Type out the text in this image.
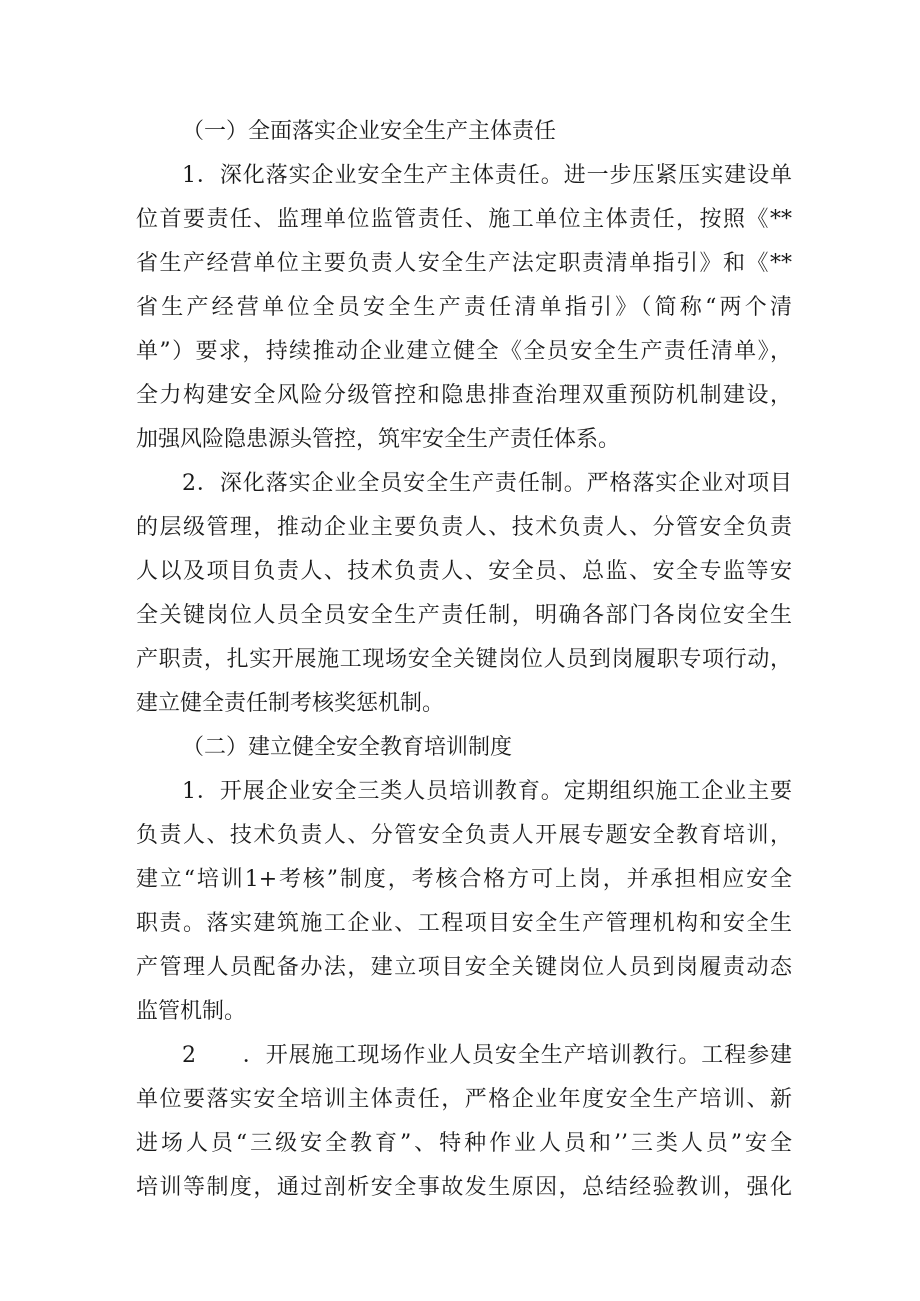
（一）全面落实企业安全生产主体责任
1．深化落实企业安全生产主体责任。进一步压紧压实建设单
位首要责任、监理单位监管责任、施工单位主体责任，按照《**
省生产经营单位主要负责人安全生产法定职责清单指引》和《**
省生产经营单位全员安全生产责任清单指引》（简称“两个清
单”）要求，持续推动企业建立健全《全员安全生产责任清单》，
全力构建安全风险分级管控和隐患排查治理双重预防机制建设，
加强风险隐患源头管控，筑牢安全生产责任体系。
2．深化落实企业全员安全生产责任制。严格落实企业对项目
的层级管理，推动企业主要负责人、技术负责人、分管安全负责
人以及项目负责人、技术负责人、安全员、总监、安全专监等安
全关键岗位人员全员安全生产责任制，明确各部门各岗位安全生
产职责，扎实开展施工现场安全关键岗位人员到岗履职专项行动，
建立健全责任制考核奖惩机制。
（二）建立健全安全教育培训制度
1．开展企业安全三类人员培训教育。定期组织施工企业主要
负责人、技术负责人、分管安全负责人开展专题安全教育培训，
建立“培训1+考核”制度，考核合格方可上岗，并承担相应安全
职责。落实建筑施工企业、工程项目安全生产管理机构和安全生
产管理人员配备办法，建立项目安全关键岗位人员到岗履责动态
监管机制。
2　　．开展施工现场作业人员安全生产培训教行。工程参建
单位要落实安全培训主体责任，严格企业年度安全生产培训、新
进场人员“三级安全教育”、特种作业人员和’’三类人员”安全
培训等制度，通过剖析安全事故发生原因，总结经验教训，强化
